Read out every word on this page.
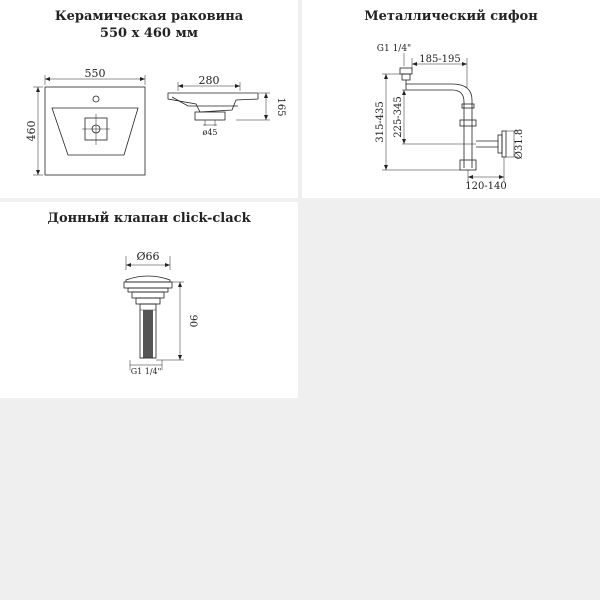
Керамическая раковина
550 х 460 мм
550
460	ø45
280
165
Металлический сифон
G1 1/4"
185-195
315-435 225-345
Ø31.8
120-140
Донный клапан click-clack
Ø66
90
G1 1/4"
